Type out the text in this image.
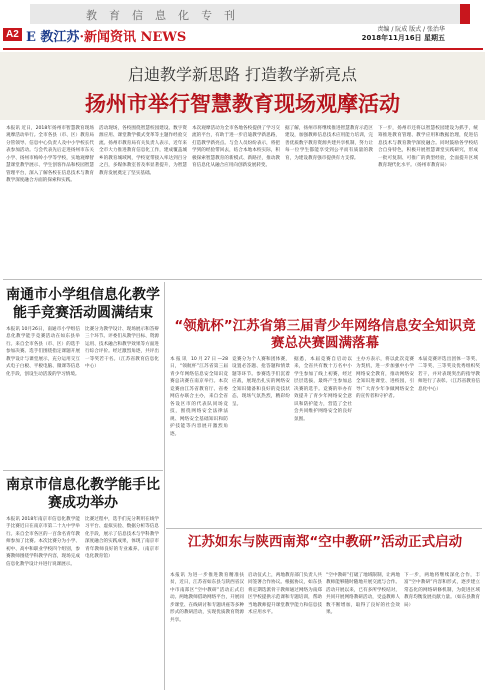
教育信息化专刊
A2 E 教江苏·新闻资讯 NEWS
责编 / 阮成 版式 / 张治华
2018年11月16日 星期五
启迪教学新思路 打造教学新亮点
扬州市举行智慧教育现场观摩活动
本报讯 近日，2018年扬州市智慧教育现场观摩活动举行。全市各县（市、区）教育局分管领导、信息中心负责人及中小学校长代表参加活动。与会代表先后走进扬州市东关小学、扬州市梅岭小学等学校，实地观摩智慧课堂教学展示、学生创客作品和校园智慧管理平台，深入了解各校在信息技术与教育教学深度融合方面的探索和实践。
活动现场，各校围绕智慧校园建设、数字资源应用、课堂教学模式变革等主题作经验交流。扬州市教育局有关负责人表示，近年来全市大力推进教育信息化工作，建成覆盖城乡的教育城域网，学校宽带接入率达到百分之百，多媒体教室普及率显著提升，为智慧教育发展奠定了坚实基础。
本次观摩活动为全市各地各校提供了学习交流的平台，有助于进一步启迪教学新思路，打造教学新亮点。与会人员纷纷表示，将把学到的经验带回去，结合本地本校实际，积极探索智慧教育的新模式、新路径，推动教育信息化从融合应用向创新发展转变。
据了解，扬州市将继续推进智慧教育示范区建设，加强教师信息技术应用能力培训，完善优质数字教育资源共建共享机制，努力让每一位学生都能享受到公平而有质量的教育，为建设教育强市提供有力支撑。
下一步，扬州市还将以智慧校园建设为抓手，统筹推进教育管理、教学应用和数据治理，促进信息技术与教育教学深度融合。同时鼓励各学校结合自身特色，积极开展智慧课堂实践研究，形成一批可复制、可推广的典型经验，全面提升区域教育现代化水平。（扬州市教育局）
南通市小学组信息化教学能手竞赛活动圆满结束
本报讯 10月26日，南通市小学组信息化教学能手竞赛活动在如东县举行。来自全市各县（市、区）的选手参加决赛。选手们围绕指定课题开展教学设计与课堂展示，充分运用交互式电子白板、平板电脑、微课等信息化手段，创设生动活泼的学习情境。
比赛分为教学设计、现场展示和答辩三个环节。评委们从教学目标、资源运用、技术融合和教学效果等方面进行综合评价。经过激烈角逐，共评出一等奖若干名。（江苏省教育信息化中心）
南京市信息化教学能手比赛成功举办
本报讯 2018年南京市信息化教学能手比赛近日在南京市第二十九中学举行。来自全市各区的一百余名青年教师参加了比赛。本次比赛分为小学、初中、高中和职业学校四个组别，参赛教师围绕学科教学内容，现场完成信息化教学设计并进行说课展示。
比赛过程中，选手们充分利用在线学习平台、虚拟实验、数据分析等信息化手段，展示了信息技术与学科教学深度融合的实践成果，体现了南京市青年教师良好的专业素养。（南京市电化教育馆）
“领航杯”江苏省第三届青少年网络信息安全知识竞赛总决赛圆满落幕
本报讯 10月27日—28日，“领航杯”江苏省第三届青少年网络信息安全知识竞赛总决赛在南京举行。本次竞赛由江苏省教育厅、省委网信办联合主办，来自全省各设区市的代表队同场竞技，围绕网络安全法律法规、网络安全基础知识和防护技能等内容展开激烈角逐。
竞赛分为个人赛和团体赛，设置必答题、抢答题和情景题等环节。参赛选手们沉着应战，展现出扎实的网络安全知识储备和良好的竞技状态，现场气氛热烈，精彩纷呈。
据悉，本届竞赛自启动以来，全省共有数十万名中小学生参加了线上初赛，经过层层选拔，最终产生参加总决赛的选手。竞赛的举办有效提升了青少年网络安全意识和防护能力，营造了全社会共同维护网络安全的良好氛围。
主办方表示，将以此次竞赛为契机，进一步加强中小学网络安全教育，推动网络安全知识进课堂、进校园，引导广大青少年争做网络安全的宣传者和守护者。
本届竞赛评选出团体一等奖、二等奖、三等奖及优秀组织奖若干，并对表现突出的指导教师进行了表彰。（江苏省教育信息化中心）
江苏如东与陕西南郑“空中教研”活动正式启动
本报讯 为进一步推进教育精准扶贫，近日，江苏省如东县与陕西省汉中市南郑区“空中教研”活动正式启动。两地教师借助网络平台，开展同步课堂、在线研讨和专题讲座等多种形式的教研活动，实现优质教育资源共享。
启动仪式上，两地教育部门负责人共同签署合作协议。根据协议，如东县将定期选派骨干教师通过网络为南郑区学校提供示范课和专题培训，帮助当地教师提升课堂教学能力和信息技术应用水平。
“空中教研”打破了地域限制，让两地教师能够随时随地开展交流与合作。活动开展以来，已有多所学校结对，共同开展网络教研活动，受益教师人数不断增加，取得了良好的社会效果。
下一步，两地将继续深化合作，丰富“空中教研”内容和形式，逐步建立常态化的网络研修机制，为促进区域教育均衡发展贡献力量。（如东县教育局）
